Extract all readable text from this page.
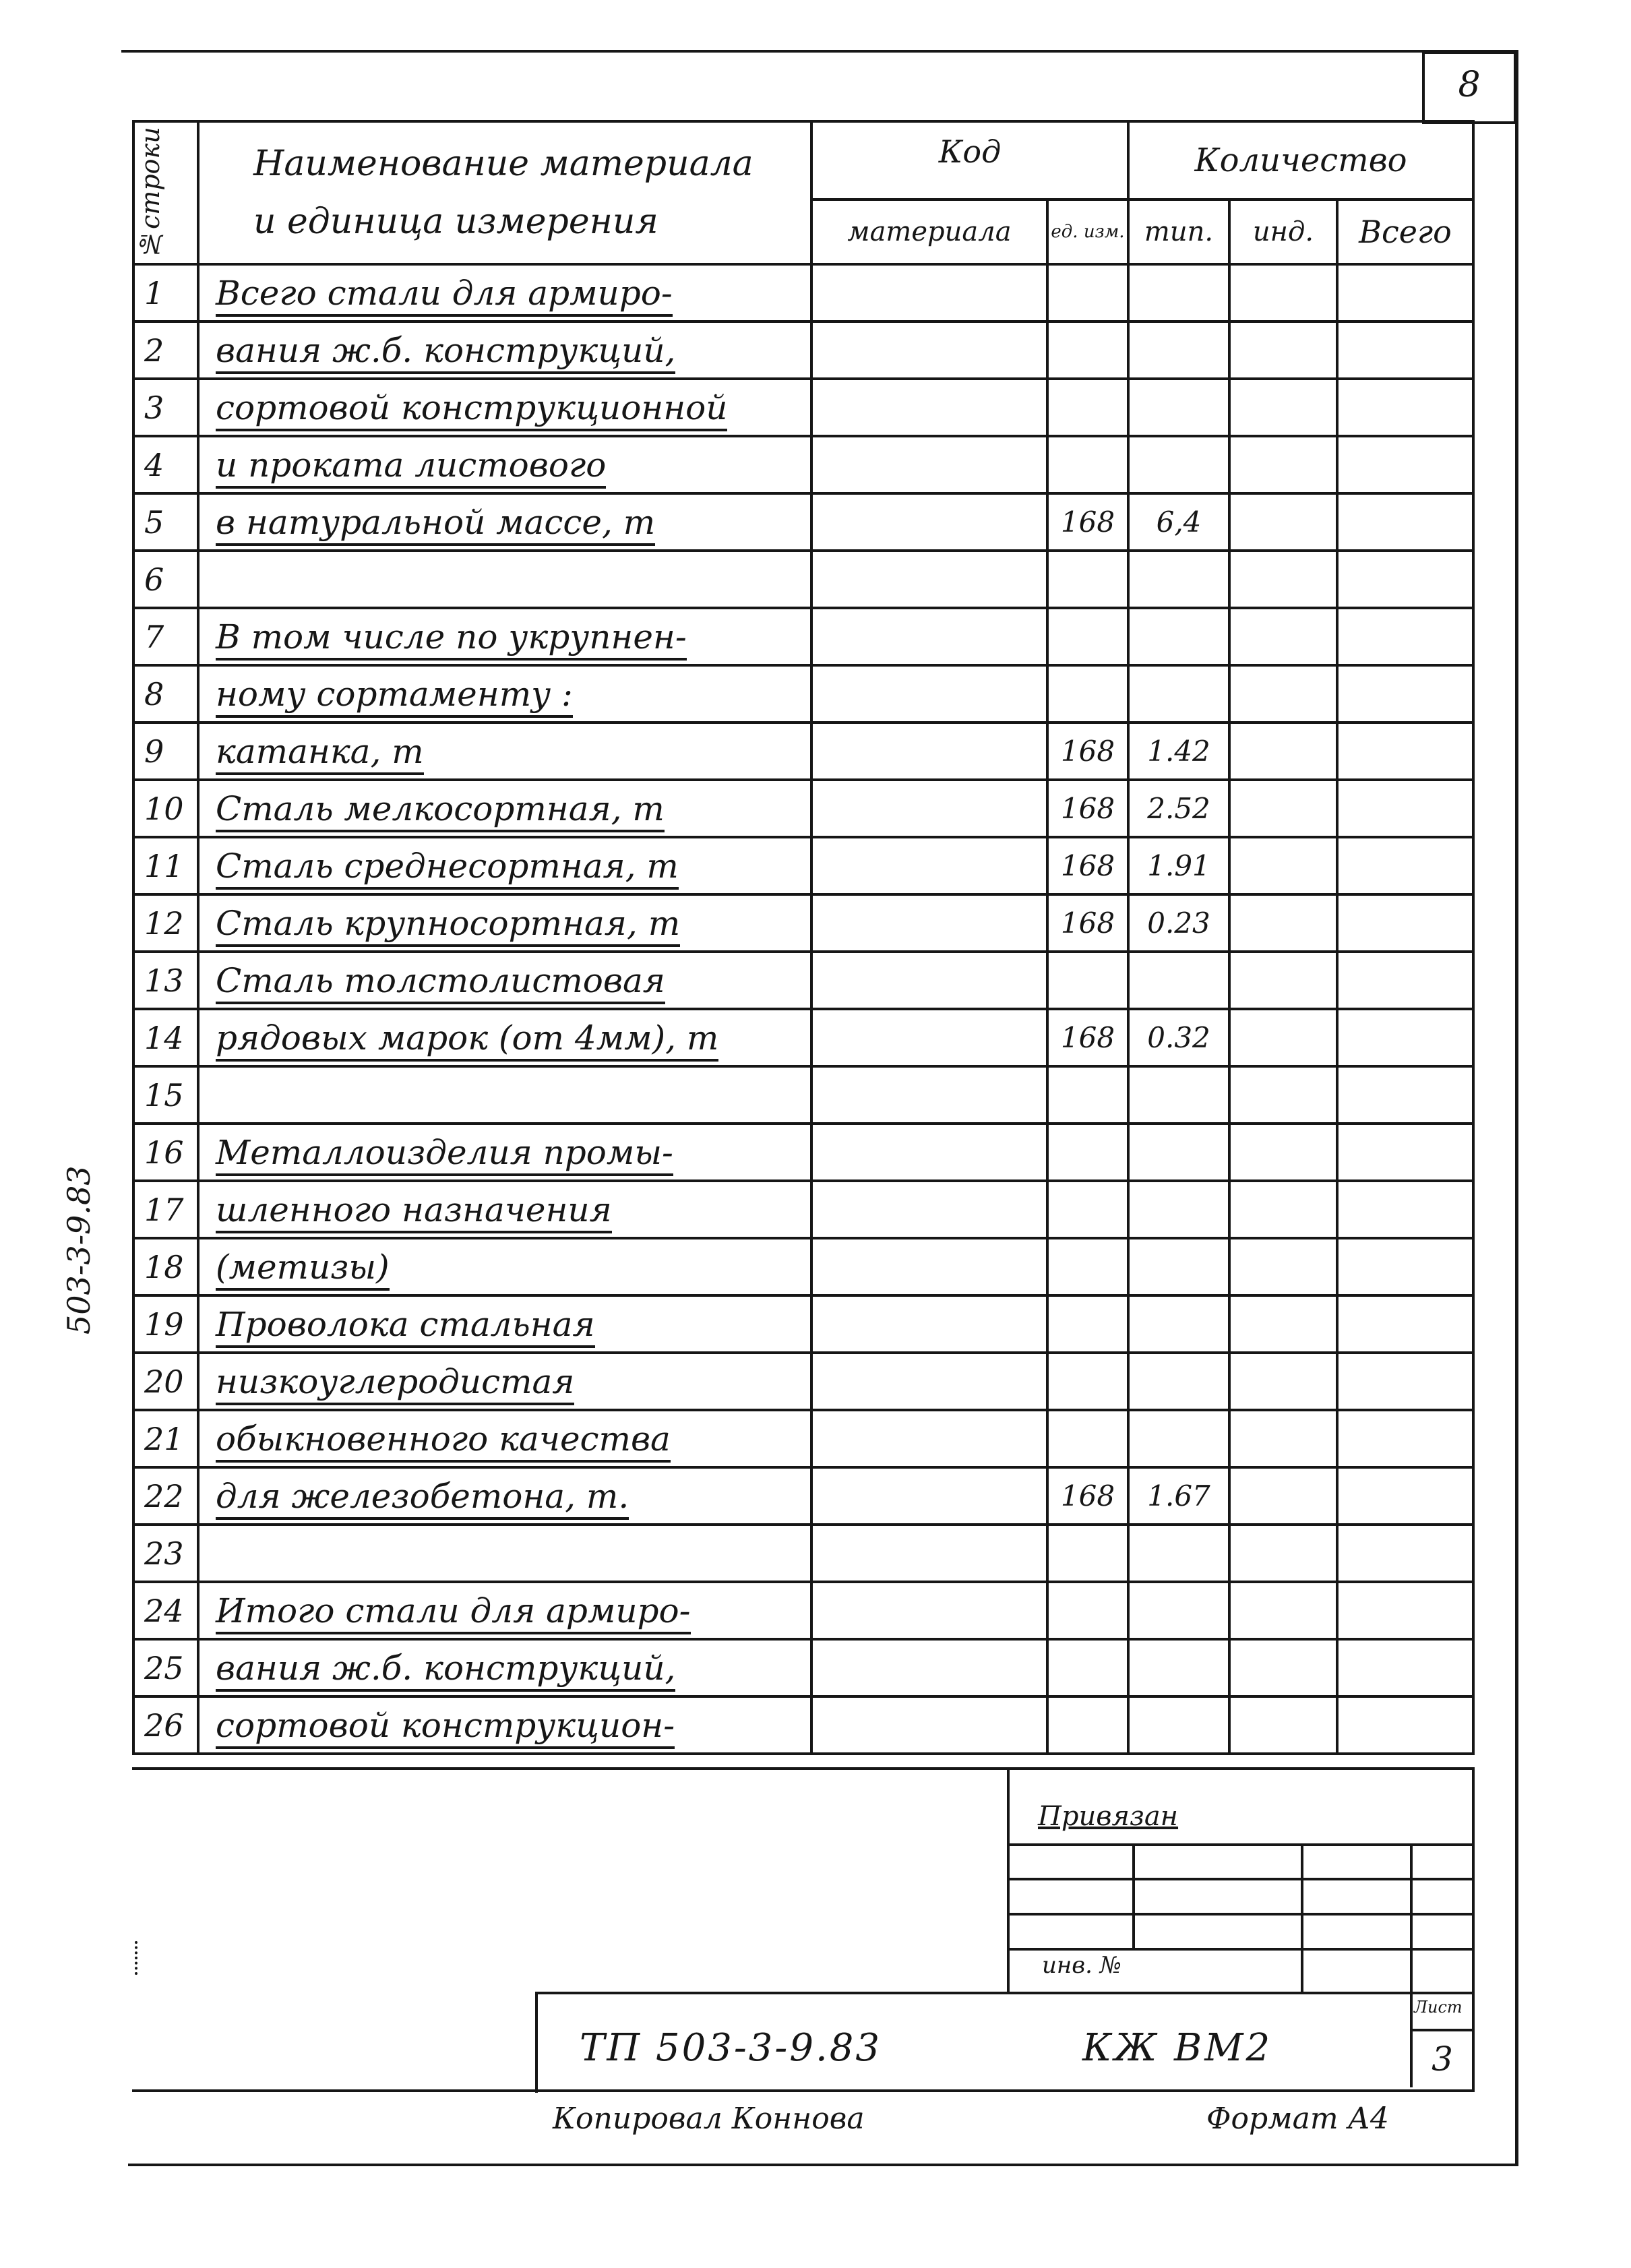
8
№строки	Наименование материала
и единица измерения	Код		Количество		
		материала	ед. изм.	тип.	инд.	Всего
1	Всего стали для армиро-					
2	вания ж.б. конструкций,					
3	сортовой конструкционной					
4	и проката листового					
5	в натуральной массе, т		168	6,4		
6						
7	В том числе по укрупнен-					
8	ному сортаменту :					
9	катанка, т		168	1.42		
10	Сталь мелкосортная, т		168	2.52		
11	Сталь среднесортная, т		168	1.91		
12	Сталь крупносортная, т		168	0.23		
13	Сталь толстолистовая					
14	рядовых марок (от 4мм), т		168	0.32		
15						
16	Металлоизделия промы-					
17	шленного назначения					
18	(метизы)					
19	Проволока стальная					
20	низкоуглеродистая					
21	обыкновенного качества					
22	для железобетона, т.		168	1.67		
23						
24	Итого стали для армиро-					
25	вания ж.б. конструкций,					
26	сортовой конструкцион-					
503-3-9.83
Привязан
инв. №
ТП 503-3-9.83	КЖ ВМ2
Лист
3
Копировал Коннова	Формат А4
